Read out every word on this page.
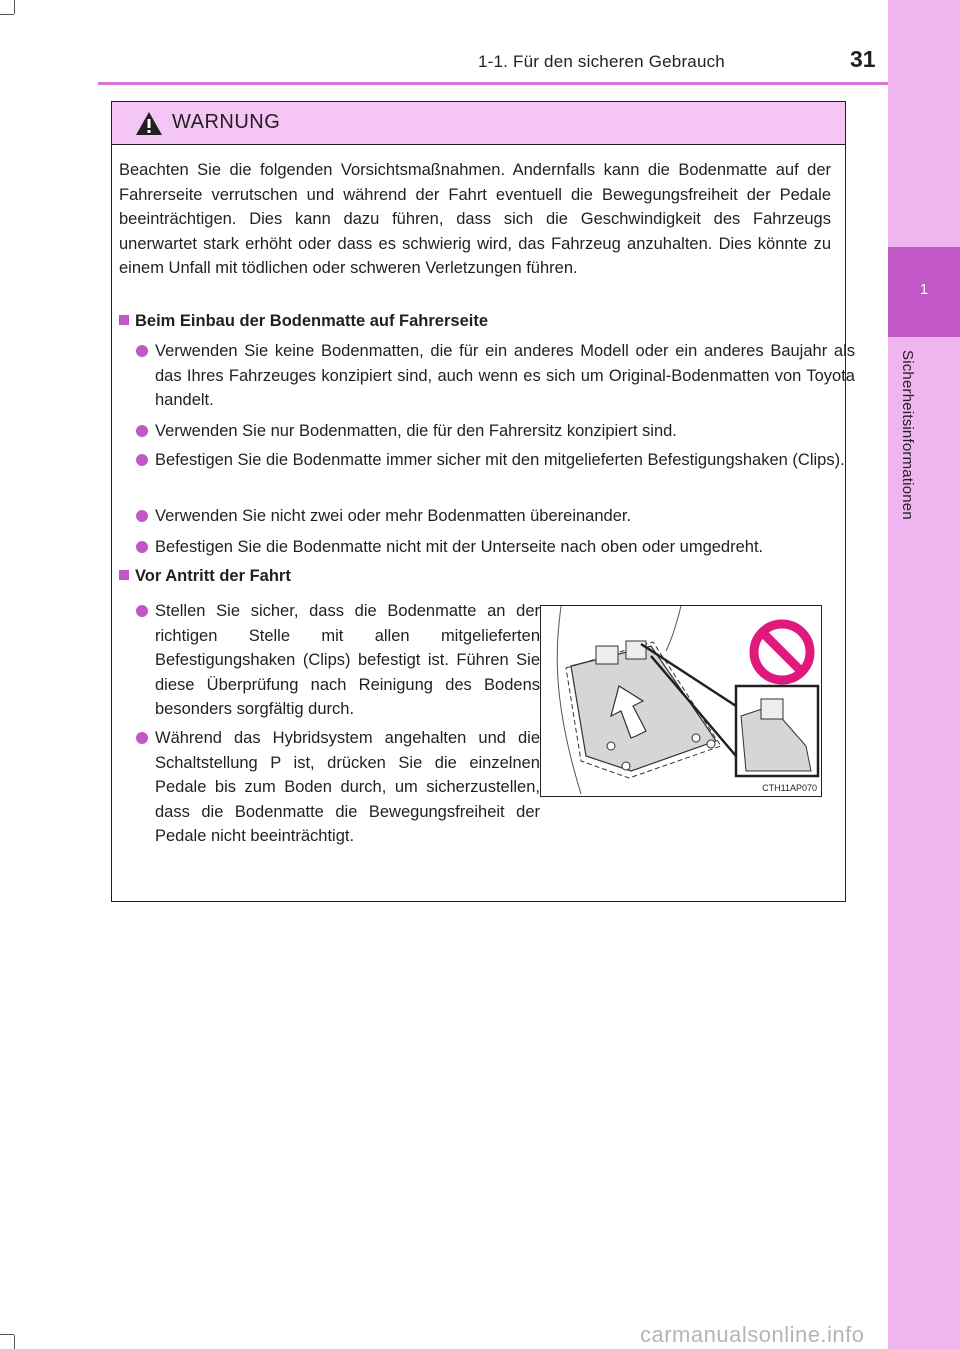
1
Sicherheitsinformationen
1-1. Für den sicheren Gebrauch	31
WARNUNG

Beachten Sie die folgenden Vorsichtsmaßnahmen. Andernfalls kann die Bodenmatte auf der Fahrerseite verrutschen und während der Fahrt eventuell die Bewegungsfreiheit der Pedale beeinträchtigen. Dies kann dazu führen, dass sich die Geschwindigkeit des Fahrzeugs unerwartet stark erhöht oder dass es schwierig wird, das Fahrzeug anzuhalten. Dies könnte zu einem Unfall mit tödlichen oder schweren Verletzungen führen.

Beim Einbau der Bodenmatte auf Fahrerseite

Verwenden Sie keine Bodenmatten, die für ein anderes Modell oder ein anderes Baujahr als das Ihres Fahrzeuges konzipiert sind, auch wenn es sich um Original-Bodenmatten von Toyota handelt.

Verwenden Sie nur Bodenmatten, die für den Fahrersitz konzipiert sind.

Befestigen Sie die Bodenmatte immer sicher mit den mitgelieferten Befestigungshaken (Clips).

Verwenden Sie nicht zwei oder mehr Bodenmatten übereinander.

Befestigen Sie die Bodenmatte nicht mit der Unterseite nach oben oder umgedreht.

Vor Antritt der Fahrt

Stellen Sie sicher, dass die Bodenmatte an der richtigen Stelle mit allen mitgelieferten Befestigungshaken (Clips) befestigt ist. Führen Sie diese Überprüfung nach Reinigung des Bodens besonders sorgfältig durch.

Während das Hybridsystem angehalten und die Schaltstellung P ist, drücken Sie die einzelnen Pedale bis zum Boden durch, um sicherzustellen, dass die Bodenmatte die Bewegungsfreiheit der Pedale nicht beeinträchtigt.

CTH11AP070
carmanualsonline.info
